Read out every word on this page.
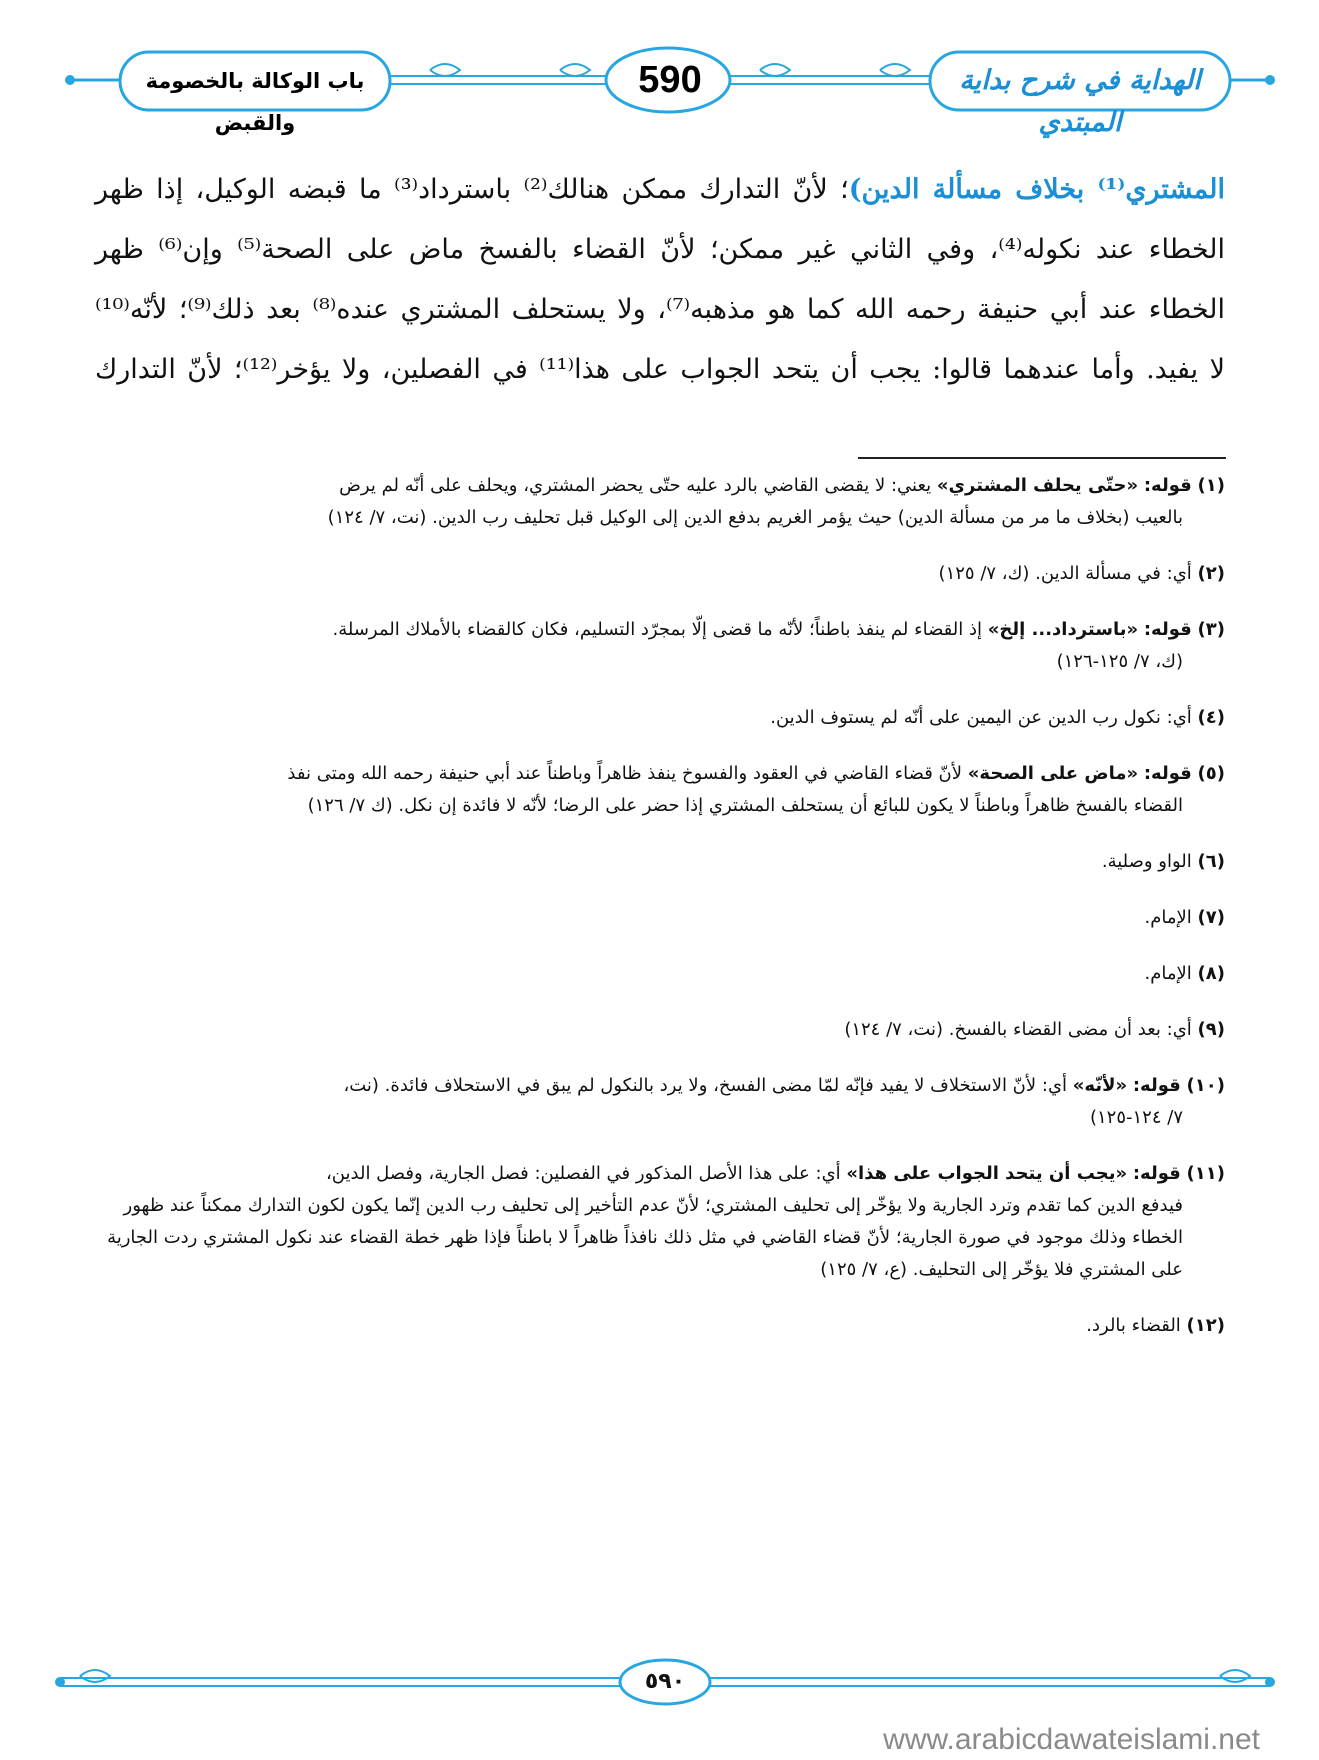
الهداية في شرح بداية المبتدي
590
باب الوكالة بالخصومة والقبض

المشتري⁽¹⁾ بخلاف مسألة الدين)؛ لأنّ التدارك ممكن هنالك⁽²⁾ باسترداد⁽³⁾ ما قبضه الوكيل، إذا ظهر

الخطاء عند نكوله⁽⁴⁾، وفي الثاني غير ممكن؛ لأنّ القضاء بالفسخ ماض على الصحة⁽⁵⁾ وإن⁽⁶⁾ ظهر

الخطاء عند أبي حنيفة رحمه الله كما هو مذهبه⁽⁷⁾، ولا يستحلف المشتري عنده⁽⁸⁾ بعد ذلك⁽⁹⁾؛ لأنّه⁽¹⁰⁾

لا يفيد. وأما عندهما قالوا: يجب أن يتحد الجواب على هذا⁽¹¹⁾ في الفصلين، ولا يؤخر⁽¹²⁾؛ لأنّ التدارك

(١) قوله: «حتّى يحلف المشتري» يعني: لا يقضى القاضي بالرد عليه حتّى يحضر المشتري، ويحلف على أنّه لم يرض
بالعيب (بخلاف ما مر من مسألة الدين) حيث يؤمر الغريم بدفع الدين إلى الوكيل قبل تحليف رب الدين. (نت، ٧/ ١٢٤)
(٢) أي: في مسألة الدين. (ك، ٧/ ١٢٥)
(٣) قوله: «باسترداد... إلخ» إذ القضاء لم ينفذ باطناً؛ لأنّه ما قضى إلّا بمجرّد التسليم، فكان كالقضاء بالأملاك المرسلة.
(ك، ٧/ ١٢٥-١٢٦)
(٤) أي: نكول رب الدين عن اليمين على أنّه لم يستوف الدين.
(٥) قوله: «ماض على الصحة» لأنّ قضاء القاضي في العقود والفسوخ ينفذ ظاهراً وباطناً عند أبي حنيفة رحمه الله ومتى نفذ
القضاء بالفسخ ظاهراً وباطناً لا يكون للبائع أن يستحلف المشتري إذا حضر على الرضا؛ لأنّه لا فائدة إن نكل. (ك ٧/ ١٢٦)
(٦) الواو وصلية.
(٧) الإمام.
(٨) الإمام.
(٩) أي: بعد أن مضى القضاء بالفسخ. (نت، ٧/ ١٢٤)
(١٠) قوله: «لأنّه» أي: لأنّ الاستخلاف لا يفيد فإنّه لمّا مضى الفسخ، ولا يرد بالنكول لم يبق في الاستحلاف فائدة. (نت،
٧/ ١٢٤-١٢٥)
(١١) قوله: «يجب أن يتحد الجواب على هذا» أي: على هذا الأصل المذكور في الفصلين: فصل الجارية، وفصل الدين،
فيدفع الدين كما تقدم وترد الجارية ولا يؤخّر إلى تحليف المشتري؛ لأنّ عدم التأخير إلى تحليف رب الدين إنّما يكون لكون التدارك ممكناً عند ظهور الخطاء وذلك موجود في صورة الجارية؛ لأنّ قضاء القاضي في مثل ذلك نافذاً ظاهراً لا باطناً فإذا ظهر خطة القضاء عند نكول المشتري ردت الجارية على المشتري فلا يؤخّر إلى التحليف. (ع، ٧/ ١٢٥)
(١٢) القضاء بالرد.
٥٩٠
www.arabicdawateislami.net
